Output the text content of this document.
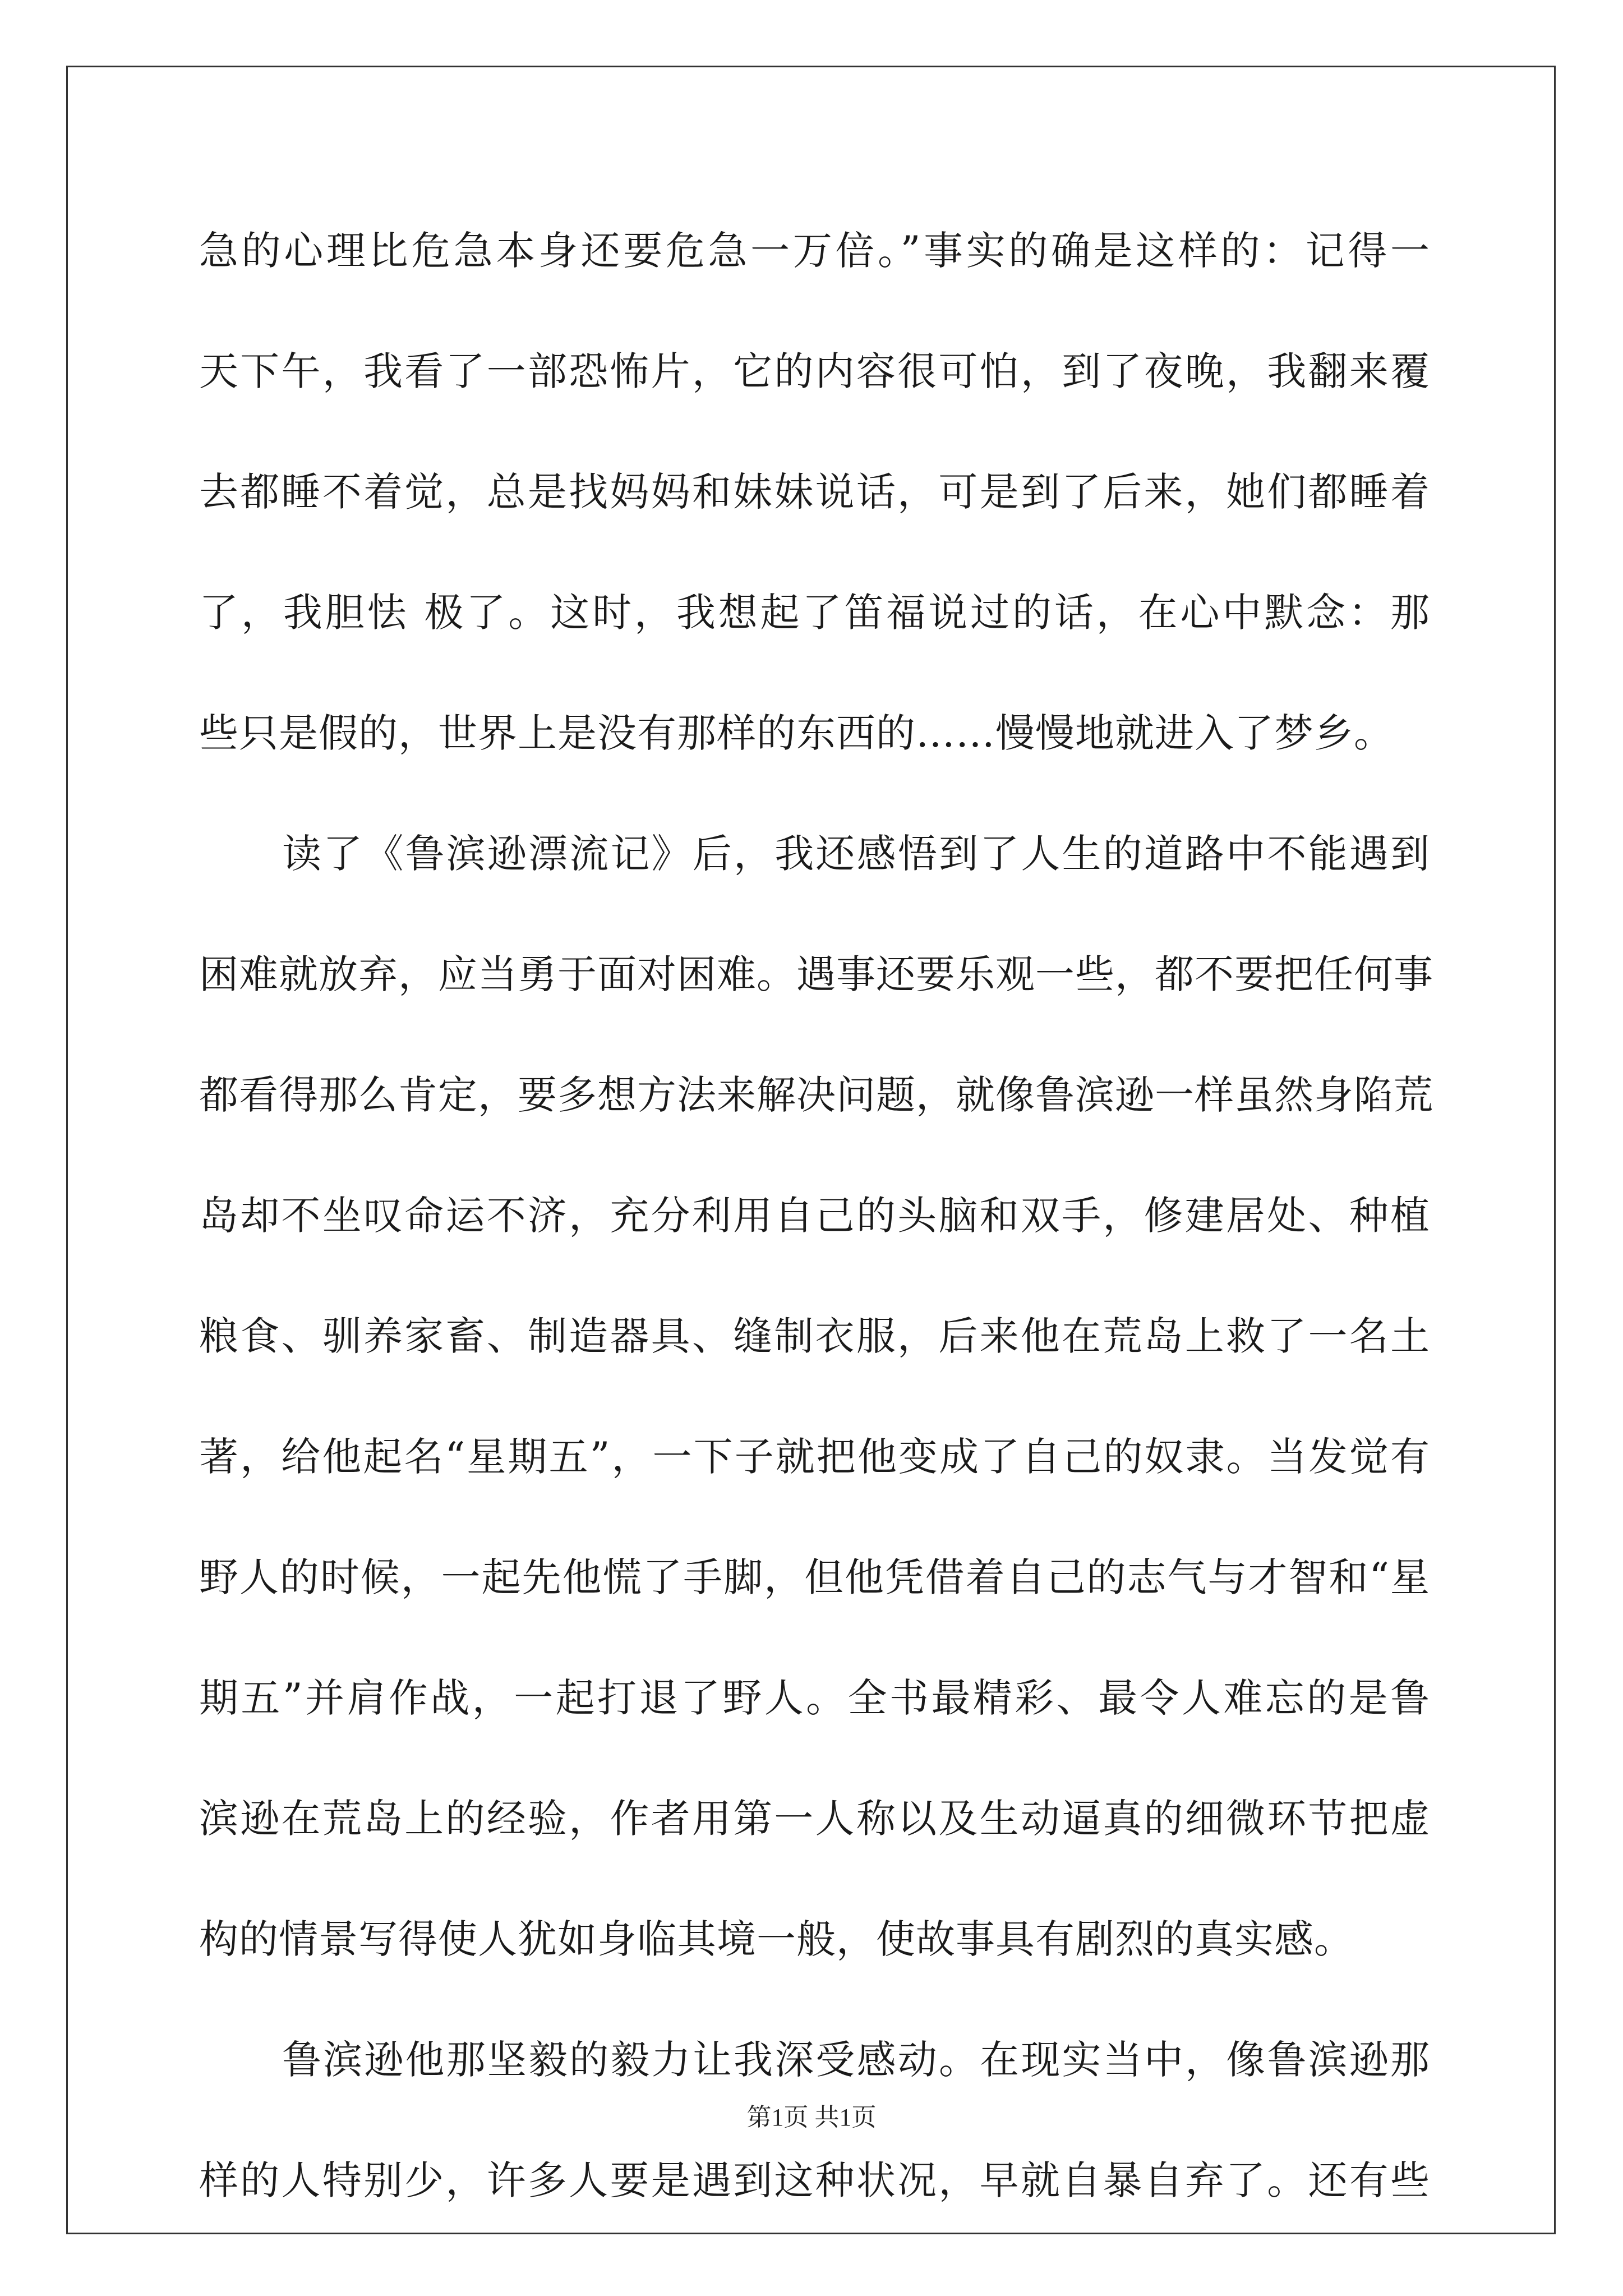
急的心理比危急本身还要危急一万倍。”事实的确是这样的：记得一
天下午，我看了一部恐怖片，它的内容很可怕，到了夜晚，我翻来覆
去都睡不着觉，总是找妈妈和妹妹说话，可是到了后来，她们都睡着
了，我胆怯 极了。这时，我想起了笛福说过的话，在心中默念：那
些只是假的，世界上是没有那样的东西的……慢慢地就进入了梦乡。
读了《鲁滨逊漂流记》后，我还感悟到了人生的道路中不能遇到
困难就放弃，应当勇于面对困难。遇事还要乐观一些，都不要把任何事
都看得那么肯定，要多想方法来解决问题，就像鲁滨逊一样虽然身陷荒
岛却不坐叹命运不济，充分利用自己的头脑和双手，修建居处、种植
粮食、驯养家畜、制造器具、缝制衣服，后来他在荒岛上救了一名土
著，给他起名“星期五”，一下子就把他变成了自己的奴隶。当发觉有
野人的时候，一起先他慌了手脚，但他凭借着自己的志气与才智和“星
期五”并肩作战，一起打退了野人。全书最精彩、最令人难忘的是鲁
滨逊在荒岛上的经验，作者用第一人称以及生动逼真的细微环节把虚
构的情景写得使人犹如身临其境一般，使故事具有剧烈的真实感。
鲁滨逊他那坚毅的毅力让我深受感动。在现实当中，像鲁滨逊那
样的人特别少，许多人要是遇到这种状况，早就自暴自弃了。还有些
第1页 共1页
